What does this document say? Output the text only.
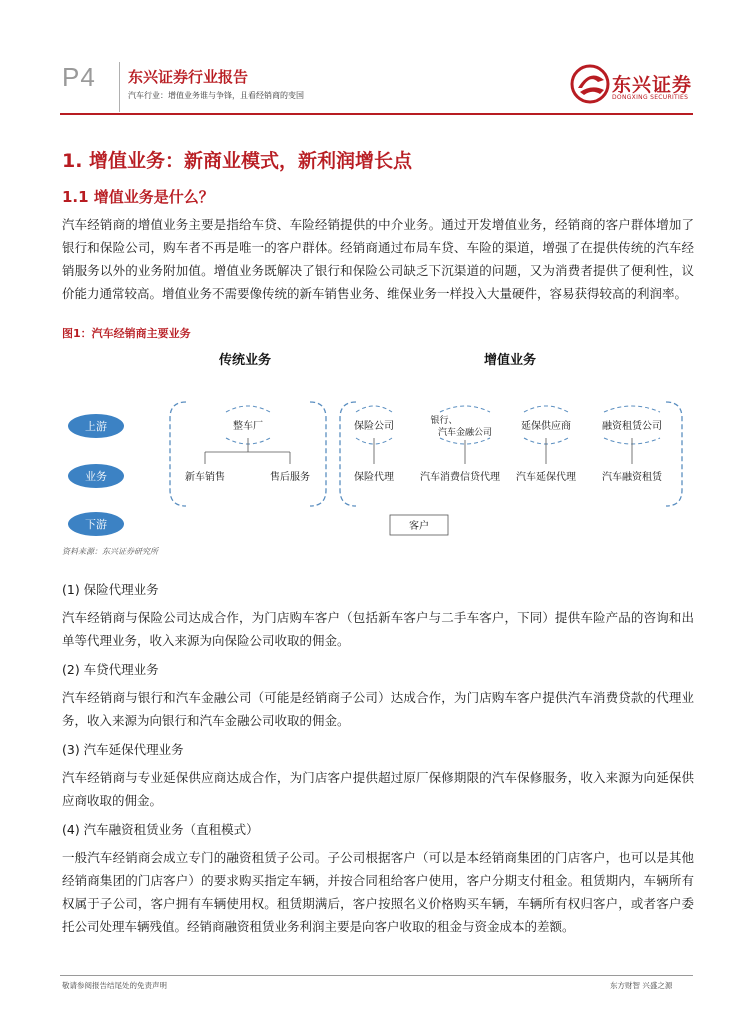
P4 东兴证券行业报告
汽车行业：增值业务谁与争锋，且看经销商的变国	东兴证券
DONGXING SECURITIES
1. 增值业务：新商业模式，新利润增长点
1.1 增值业务是什么？
汽车经销商的增值业务主要是指给车贷、车险经销提供的中介业务。通过开发增值业务，经销商的客户群体增加了银行和保险公司，购车者不再是唯一的客户群体。经销商通过布局车贷、车险的渠道，增强了在提供传统的汽车经销服务以外的业务附加值。增值业务既解决了银行和保险公司缺乏下沉渠道的问题，又为消费者提供了便利性，议价能力通常较高。增值业务不需要像传统的新车销售业务、维保业务一样投入大量硬件，容易获得较高的利润率。
图1：汽车经销商主要业务
传统业务	增值业务
上游
业务
下游
整车厂
新车销售	售后服务
保险公司
保险代理
银行、
汽车金融公司
汽车消费信贷代理
延保供应商
汽车延保代理
融资租赁公司
汽车融资租赁
客户
资料来源：东兴证券研究所
(1) 保险代理业务
汽车经销商与保险公司达成合作，为门店购车客户（包括新车客户与二手车客户，下同）提供车险产品的咨询和出单等代理业务，收入来源为向保险公司收取的佣金。
(2) 车贷代理业务
汽车经销商与银行和汽车金融公司（可能是经销商子公司）达成合作，为门店购车客户提供汽车消费贷款的代理业务，收入来源为向银行和汽车金融公司收取的佣金。
(3) 汽车延保代理业务
汽车经销商与专业延保供应商达成合作，为门店客户提供超过原厂保修期限的汽车保修服务，收入来源为向延保供应商收取的佣金。
(4) 汽车融资租赁业务（直租模式）
一般汽车经销商会成立专门的融资租赁子公司。子公司根据客户（可以是本经销商集团的门店客户，也可以是其他经销商集团的门店客户）的要求购买指定车辆，并按合同租给客户使用，客户分期支付租金。租赁期内，车辆所有权属于子公司，客户拥有车辆使用权。租赁期满后，客户按照名义价格购买车辆，车辆所有权归客户，或者客户委托公司处理车辆残值。经销商融资租赁业务利润主要是向客户收取的租金与资金成本的差额。
敬请参阅报告结尾处的免责声明	东方财智 兴盛之源
